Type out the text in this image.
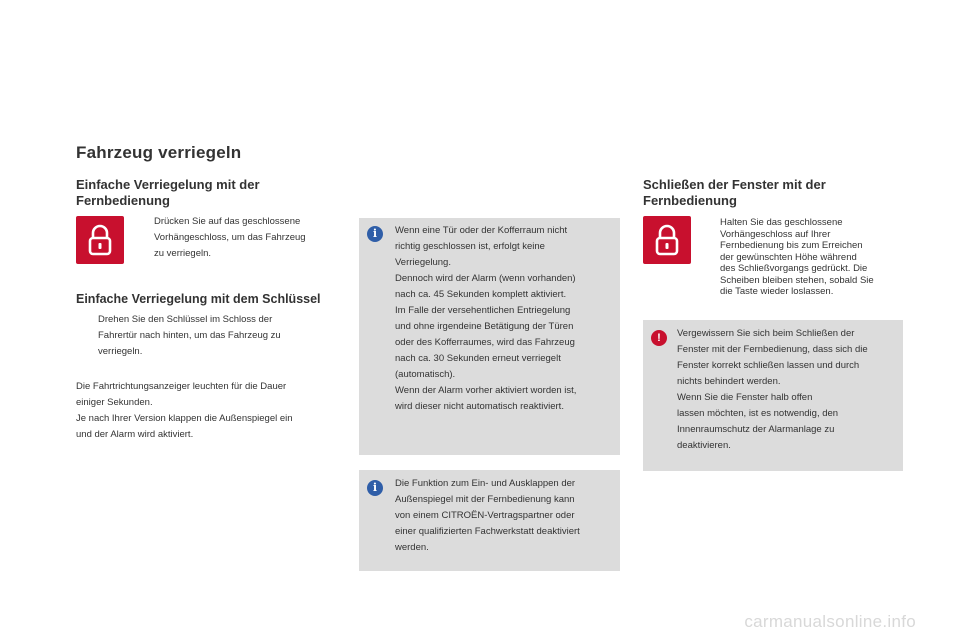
Fahrzeug verriegeln
Einfache Verriegelung mit der
Fernbedienung
Drücken Sie auf das geschlossene
Vorhängeschloss, um das Fahrzeug
zu verriegeln.
Einfache Verriegelung mit dem Schlüssel
Drehen Sie den Schlüssel im Schloss der
Fahrertür nach hinten, um das Fahrzeug zu
verriegeln.
Die Fahrtrichtungsanzeiger leuchten für die Dauer
einiger Sekunden.
Je nach Ihrer Version klappen die Außenspiegel ein
und der Alarm wird aktiviert.
i	Wenn eine Tür oder der Kofferraum nicht
richtig geschlossen ist, erfolgt keine
Verriegelung.
Dennoch wird der Alarm (wenn vorhanden)
nach ca. 45 Sekunden komplett aktiviert.
Im Falle der versehentlichen Entriegelung
und ohne irgendeine Betätigung der Türen
oder des Kofferraumes, wird das Fahrzeug
nach ca. 30 Sekunden erneut verriegelt
(automatisch).
Wenn der Alarm vorher aktiviert worden ist,
wird dieser nicht automatisch reaktiviert.
i	Die Funktion zum Ein- und Ausklappen der
Außenspiegel mit der Fernbedienung kann
von einem CITROËN-Vertragspartner oder
einer qualifizierten Fachwerkstatt deaktiviert
werden.
Schließen der Fenster mit der
Fernbedienung
Halten Sie das geschlossene
Vorhängeschloss auf Ihrer
Fernbedienung bis zum Erreichen
der gewünschten Höhe während
des Schließvorgangs gedrückt. Die
Scheiben bleiben stehen, sobald Sie
die Taste wieder loslassen.
!	Vergewissern Sie sich beim Schließen der
Fenster mit der Fernbedienung, dass sich die
Fenster korrekt schließen lassen und durch
nichts behindert werden.
Wenn Sie die Fenster halb offen
lassen möchten, ist es notwendig, den
Innenraumschutz der Alarmanlage zu
deaktivieren.
carmanualsonline.info
